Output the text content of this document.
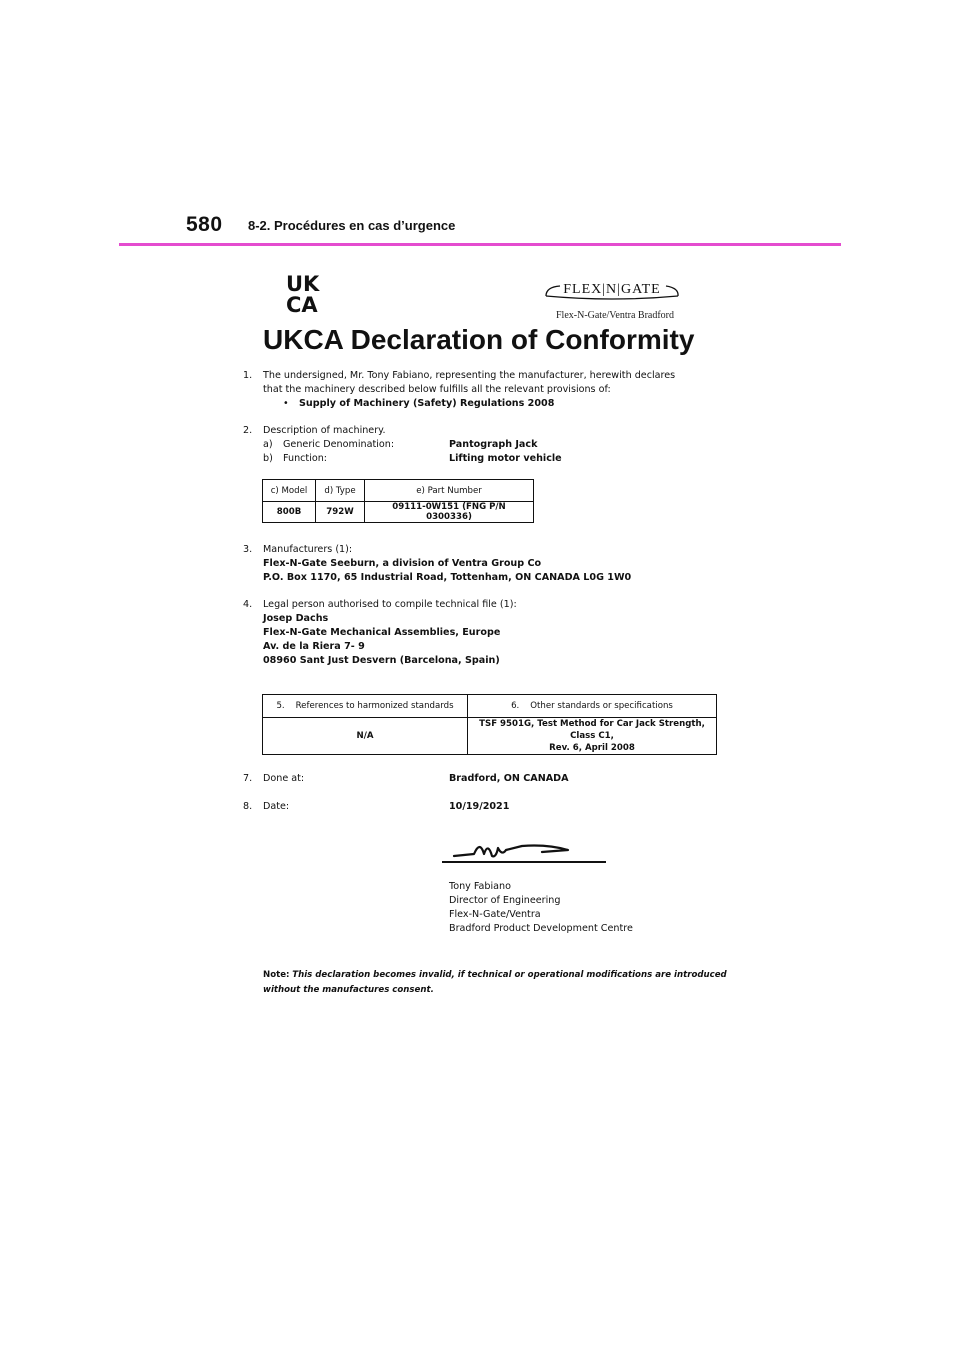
580 8-2. Procédures en cas d’urgence
UK
CA
FLEX|N|GATE
Flex-N-Gate/Ventra Bradford
UKCA Declaration of Conformity
1. The undersigned, Mr. Tony Fabiano, representing the manufacturer, herewith declares
that the machinery described below fulfills all the relevant provisions of:
• Supply of Machinery (Safety) Regulations 2008
2. Description of machinery.
a) Generic Denomination:	Pantograph Jack
b) Function:	Lifting motor vehicle
c) Model	d) Type	e) Part Number
800B	792W	09111-0W151 (FNG P/N 0300336)
3. Manufacturers (1):
Flex-N-Gate Seeburn, a division of Ventra Group Co
P.O. Box 1170, 65 Industrial Road, Tottenham, ON CANADA L0G 1W0
4. Legal person authorised to compile technical file (1):
Josep Dachs
Flex-N-Gate Mechanical Assemblies, Europe
Av. de la Riera 7- 9
08960 Sant Just Desvern (Barcelona, Spain)
5. References to harmonized standards	6. Other standards or specifications
N/A	TSF 9501G, Test Method for Car Jack Strength, Class C1,
Rev. 6, April 2008
7. Done at:	Bradford, ON CANADA
8. Date:	10/19/2021
Tony Fabiano
Director of Engineering
Flex-N-Gate/Ventra
Bradford Product Development Centre
Note: This declaration becomes invalid, if technical or operational modifications are introduced
without the manufactures consent.
